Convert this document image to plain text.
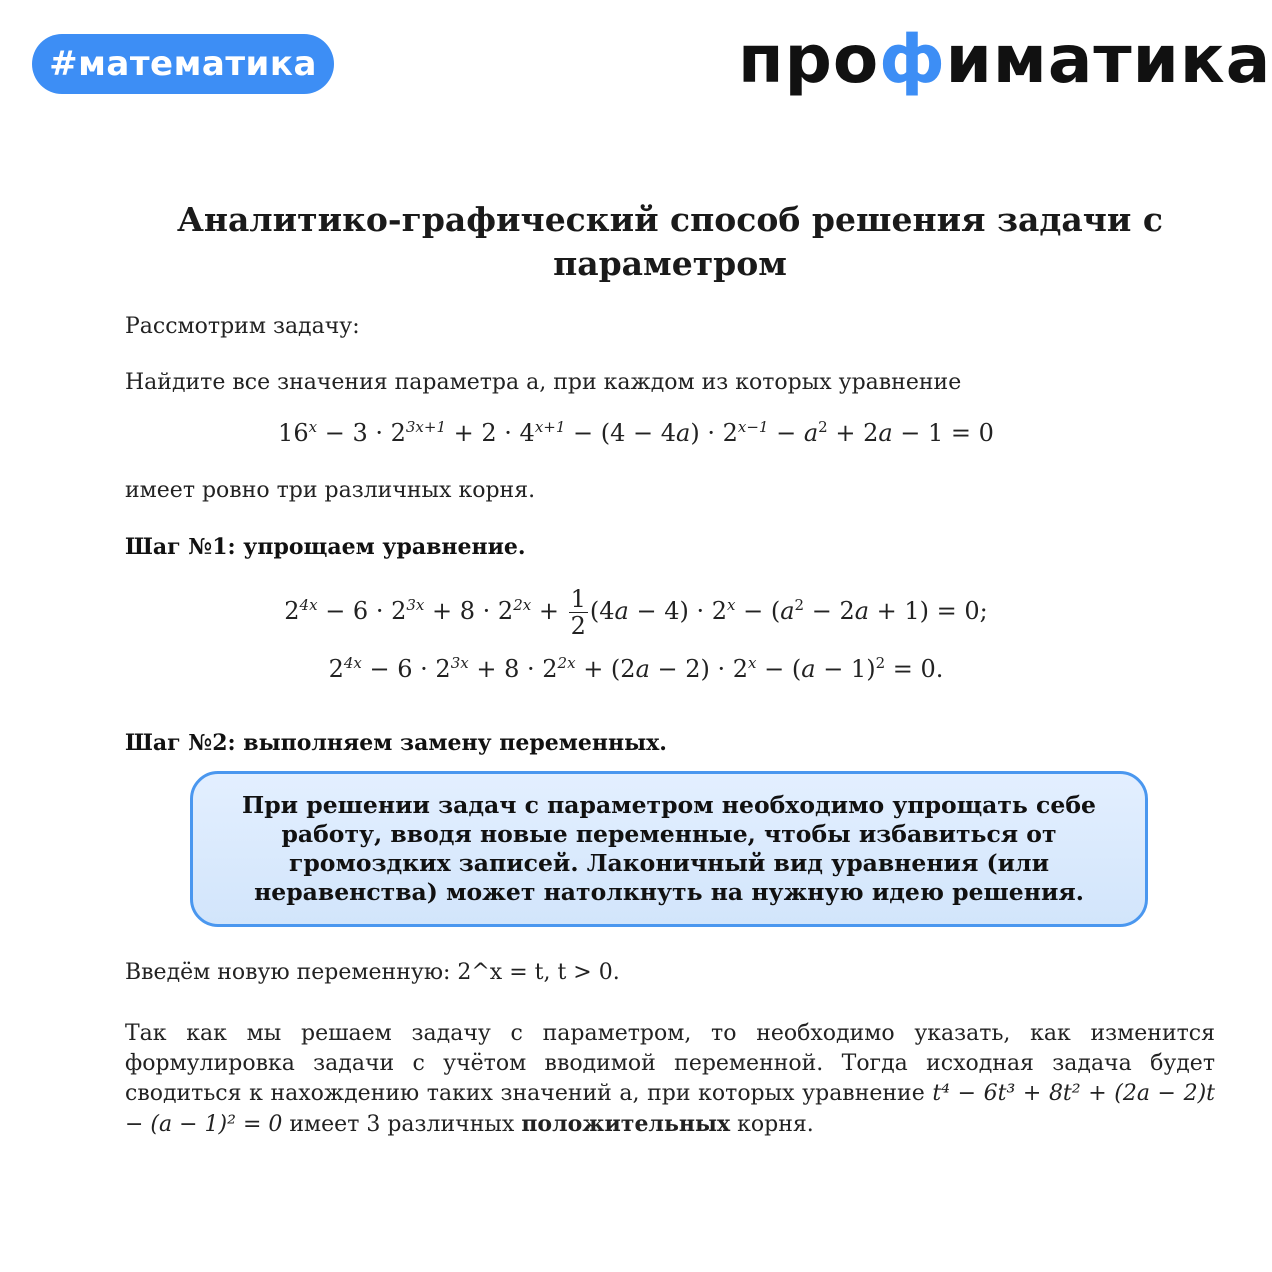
#математика	профиматика
Аналитико-графический способ решения задачи с параметром
Рассмотрим задачу:
Найдите все значения параметра a, при каждом из которых уравнение
$16^x - 3 \cdot 2^{3x+1} + 2 \cdot 4^{x+1} - (4 - 4a) \cdot 2^{x-1} - a^2 + 2a - 1 = 0$
имеет ровно три различных корня.
Шаг №1: упрощаем уравнение.
$2^{4x} - 6 \cdot 2^{3x} + 8 \cdot 2^{2x} + \frac{1}{2} (4a - 4) \cdot 2^x - (a^2 - 2a + 1) = 0$;
$2^{4x} - 6 \cdot 2^{3x} + 8 \cdot 2^{2x} + (2a - 2) \cdot 2^x - (a - 1)^2 = 0$.
Шаг №2: выполняем замену переменных.
При решении задач с параметром необходимо упрощать себе работу, вводя новые переменные, чтобы избавиться от громоздких записей. Лаконичный вид уравнения (или неравенства) может натолкнуть на нужную идею решения.
Введём новую переменную: 2^x = t, t > 0.
Так как мы решаем задачу с параметром, то необходимо указать, как изменится формулировка задачи с учётом вводимой переменной. Тогда исходная задача будет сводиться к нахождению таких значений a, при которых уравнение t⁴ − 6t³ + 8t² + (2a − 2)t − (a − 1)² = 0 имеет 3 различных положительных корня.
